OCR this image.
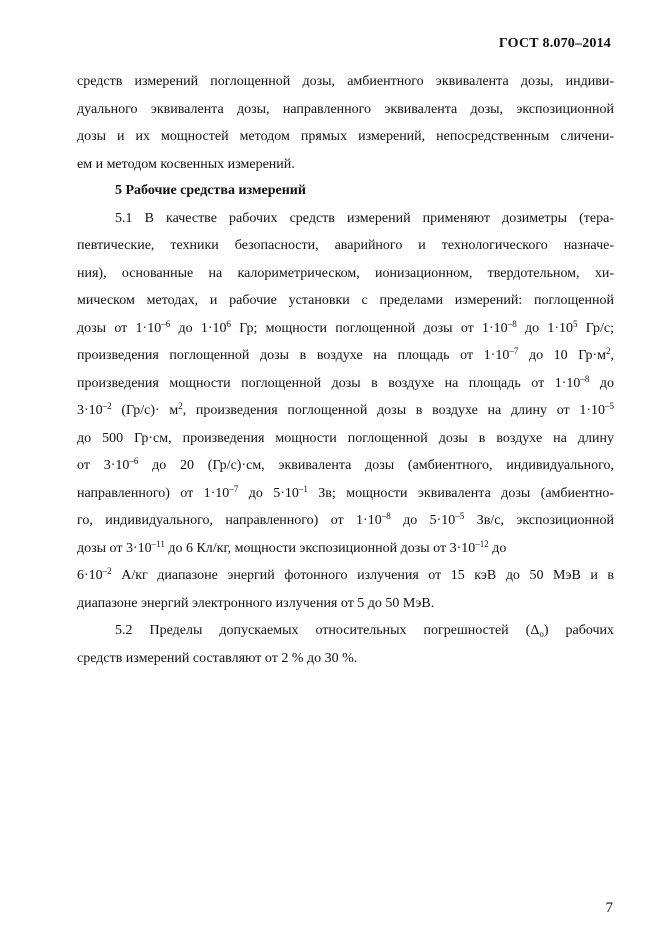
ГОСТ 8.070–2014
средств измерений поглощенной дозы, амбиентного эквивалента дозы, индиви-
дуального эквивалента дозы, направленного эквивалента дозы, экспозиционной
дозы и их мощностей методом прямых измерений, непосредственным сличени-
ем и методом косвенных измерений.
5 Рабочие средства измерений
5.1 В качестве рабочих средств измерений применяют дозиметры (тера-
певтические, техники безопасности, аварийного и технологического назначе-
ния), основанные на калориметрическом, ионизационном, твердотельном, хи-
мическом методах, и рабочие установки с пределами измерений: поглощенной
дозы от $1\cdot 10^{-6}$ до $1\cdot 10^6$ Гр; мощности поглощенной дозы от $1\cdot 10^{-8}$ до $1\cdot 10^5$ Гр/с;
произведения поглощенной дозы в воздухе на площадь от $1\cdot 10^{-7}$ до 10 $Гр\cdot м^2$,
произведения мощности поглощенной дозы в воздухе на площадь от $1\cdot 10^{-8}$ до
$3\cdot 10^{-2}$ $(Гр/с)\cdot м^2$, произведения поглощенной дозы в воздухе на длину от $1\cdot 10^{-5}$
до 500 Гр·см, произведения мощности поглощенной дозы в воздухе на длину
от $3\cdot 10^{-6}$ до 20 (Гр/с)·см, эквивалента дозы (амбиентного, индивидуального,
направленного) от $1\cdot 10^{-7}$ до $5\cdot 10^{-1}$ Зв; мощности эквивалента дозы (амбиентно-
го, индивидуального, направленного) от $1\cdot 10^{-8}$ до $5\cdot 10^{-5}$ Зв/с, экспозиционной
дозы от $3\cdot 10^{-11}$ до 6 Кл/кг, мощности экспозиционной дозы от $3\cdot 10^{-12}$ до
$6\cdot 10^{-2}$ А/кг диапазоне энергий фотонного излучения от 15 кэВ до 50 МэВ и в
диапазоне энергий электронного излучения от 5 до 50 МэВ.
5.2 Пределы допускаемых относительных погрешностей $(\Delta_о)$ рабочих
средств измерений составляют от 2 % до 30 %.
7
